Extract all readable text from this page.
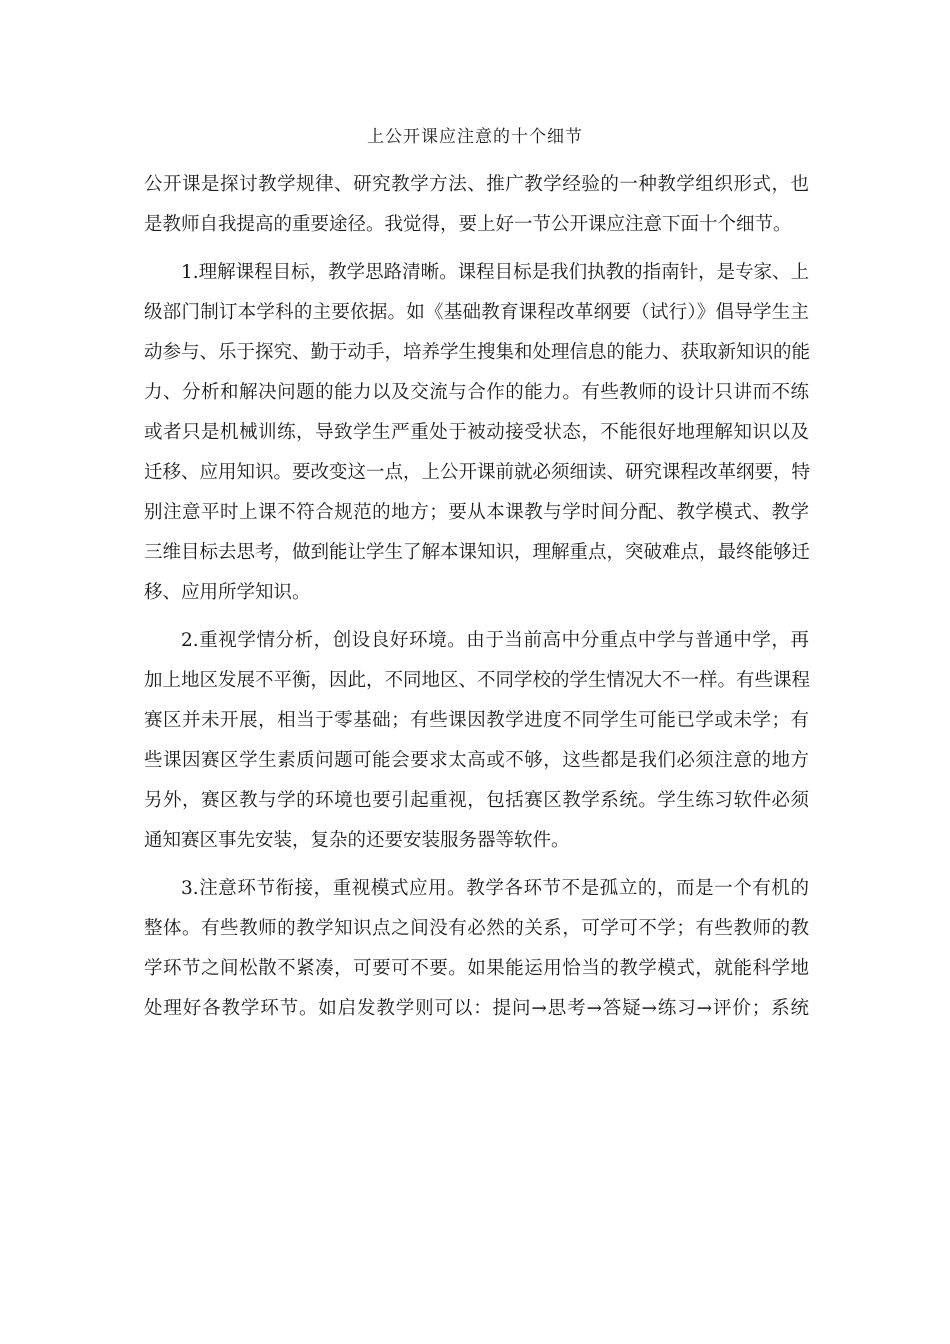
上公开课应注意的十个细节
公开课是探讨教学规律、研究教学方法、推广教学经验的一种教学组织形式，也
是教师自我提高的重要途径。我觉得，要上好一节公开课应注意下面十个细节。
1.理解课程目标，教学思路清晰。课程目标是我们执教的指南针，是专家、上
级部门制订本学科的主要依据。如《基础教育课程改革纲要（试行）》倡导学生主
动参与、乐于探究、勤于动手，培养学生搜集和处理信息的能力、获取新知识的能
力、分析和解决问题的能力以及交流与合作的能力。有些教师的设计只讲而不练
或者只是机械训练，导致学生严重处于被动接受状态，不能很好地理解知识以及
迁移、应用知识。要改变这一点，上公开课前就必须细读、研究课程改革纲要，特
别注意平时上课不符合规范的地方；要从本课教与学时间分配、教学模式、教学
三维目标去思考，做到能让学生了解本课知识，理解重点，突破难点，最终能够迁
移、应用所学知识。
2.重视学情分析，创设良好环境。由于当前高中分重点中学与普通中学，再
加上地区发展不平衡，因此，不同地区、不同学校的学生情况大不一样。有些课程
赛区并未开展，相当于零基础；有些课因教学进度不同学生可能已学或未学；有
些课因赛区学生素质问题可能会要求太高或不够，这些都是我们必须注意的地方
另外，赛区教与学的环境也要引起重视，包括赛区教学系统。学生练习软件必须
通知赛区事先安装，复杂的还要安装服务器等软件。
3.注意环节衔接，重视模式应用。教学各环节不是孤立的，而是一个有机的
整体。有些教师的教学知识点之间没有必然的关系，可学可不学；有些教师的教
学环节之间松散不紧凑，可要可不要。如果能运用恰当的教学模式，就能科学地
处理好各教学环节。如启发教学则可以：提问→思考→答疑→练习→评价；系统
